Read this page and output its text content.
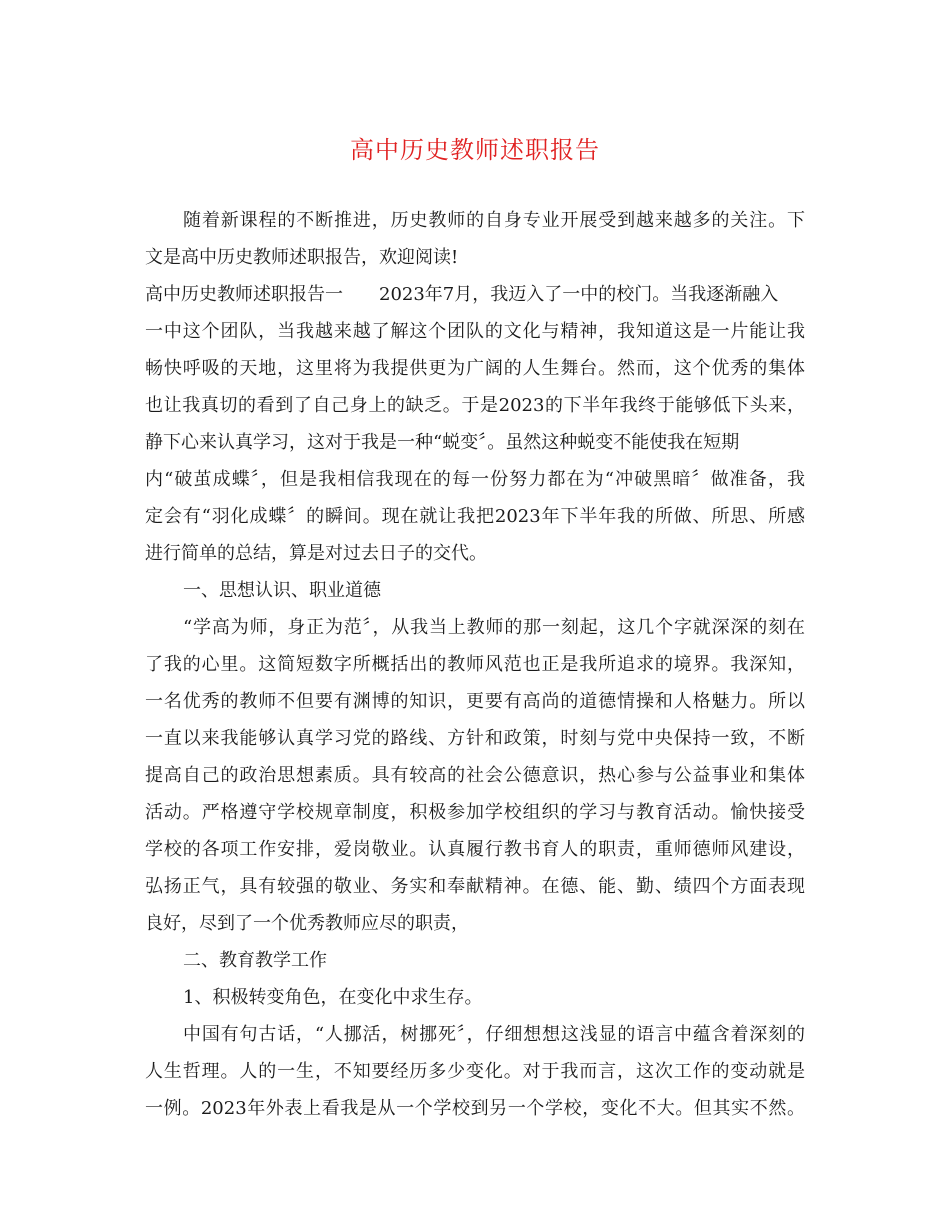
高中历史教师述职报告
随着新课程的不断推进，历史教师的自身专业开展受到越来越多的关注。下
文是高中历史教师述职报告，欢迎阅读!
高中历史教师述职报告一 2023年7月，我迈入了一中的校门。当我逐渐融入
一中这个团队，当我越来越了解这个团队的文化与精神，我知道这是一片能让我
畅快呼吸的天地，这里将为我提供更为广阔的人生舞台。然而，这个优秀的集体
也让我真切的看到了自己身上的缺乏。于是2023的下半年我终于能够低下头来，
静下心来认真学习，这对于我是一种“蜕变〞。虽然这种蜕变不能使我在短期
内“破茧成蝶〞，但是我相信我现在的每一份努力都在为“冲破黑暗〞做准备，我
定会有“羽化成蝶〞的瞬间。现在就让我把2023年下半年我的所做、所思、所感
进行简单的总结，算是对过去日子的交代。
一、思想认识、职业道德
“学高为师，身正为范〞，从我当上教师的那一刻起，这几个字就深深的刻在
了我的心里。这简短数字所概括出的教师风范也正是我所追求的境界。我深知，
一名优秀的教师不但要有渊博的知识，更要有高尚的道德情操和人格魅力。所以
一直以来我能够认真学习党的路线、方针和政策，时刻与党中央保持一致，不断
提高自己的政治思想素质。具有较高的社会公德意识，热心参与公益事业和集体
活动。严格遵守学校规章制度，积极参加学校组织的学习与教育活动。愉快接受
学校的各项工作安排，爱岗敬业。认真履行教书育人的职责，重师德师风建设，
弘扬正气，具有较强的敬业、务实和奉献精神。在德、能、勤、绩四个方面表现
良好，尽到了一个优秀教师应尽的职责，
二、教育教学工作
1、积极转变角色，在变化中求生存。
中国有句古话，“人挪活，树挪死〞，仔细想想这浅显的语言中蕴含着深刻的
人生哲理。人的一生，不知要经历多少变化。对于我而言，这次工作的变动就是
一例。2023年外表上看我是从一个学校到另一个学校，变化不大。但其实不然。
